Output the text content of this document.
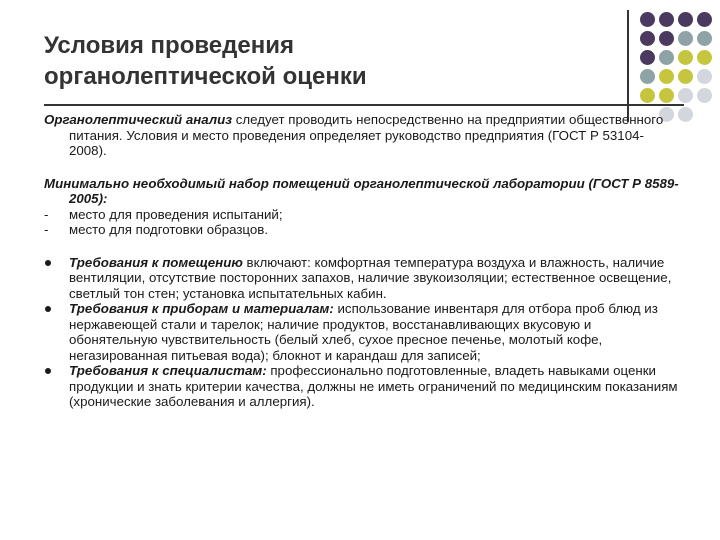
Условия проведения
органолептической оценки

Органолептический анализ следует проводить непосредственно на предприятии общественного питания. Условия и место проведения определяет руководство предприятия (ГОСТ Р 53104-2008).

Минимально необходимый набор помещений органолептической лаборатории (ГОСТ Р 8589-2005):

- место для проведения испытаний;

- место для подготовки образцов.

Требования к помещению включают: комфортная температура воздуха и влажность, наличие вентиляции, отсутствие посторонних запахов, наличие звукоизоляции; естественное освещение, светлый тон стен; установка испытательных кабин.

Требования к приборам и материалам: использование инвентаря для отбора проб блюд из нержавеющей стали и тарелок; наличие продуктов, восстанавливающих вкусовую и обонятельную чувствительность (белый хлеб, сухое пресное печенье, молотый кофе, негазированная питьевая вода); блокнот и карандаш для записей;

Требования к специалистам: профессионально подготовленные, владеть навыками оценки продукции и знать критерии качества, должны не иметь ограничений по медицинским показаниям (хронические заболевания и аллергия).
